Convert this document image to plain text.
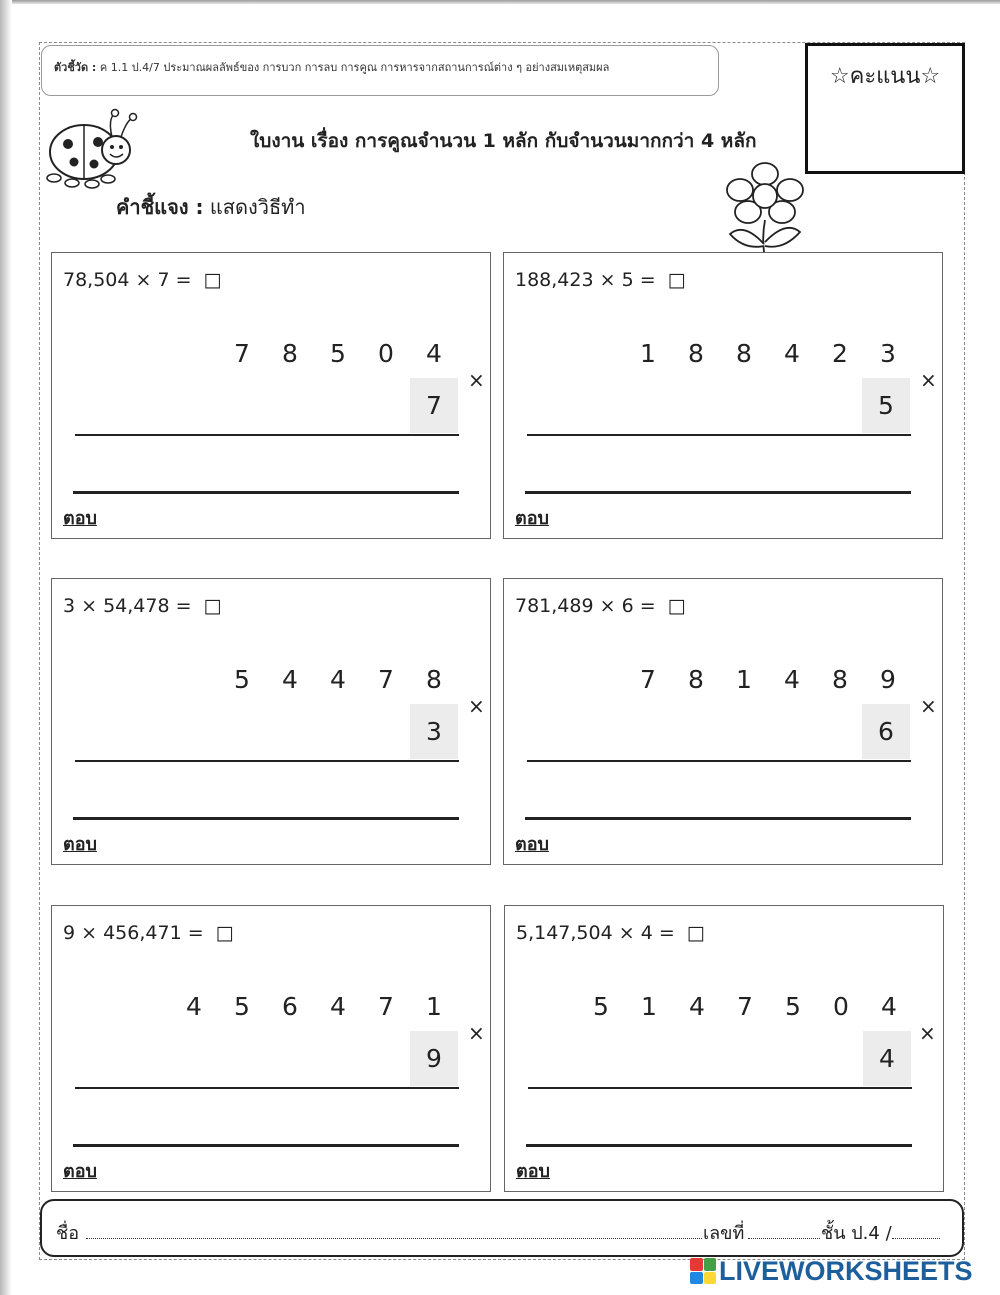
ตัวชี้วัด : ค 1.1 ป.4/7 ประมาณผลลัพธ์ของ การบวก การลบ การคูณ การหารจากสถานการณ์ต่าง ๆ อย่างสมเหตุสมผล	☆คะแนน☆
ใบงาน เรื่อง การคูณจำนวน 1 หลัก กับจำนวนมากกว่า 4 หลัก
คำชี้แจง : แสดงวิธีทำ
78,504 × 7 = □
7	8	5	0	4
7
×
ตอบ
188,423 × 5 = □
1	8	8	4	2	3
5
×
ตอบ
3 × 54,478 = □
5	4	4	7	8
3
×
ตอบ
781,489 × 6 = □
7	8	1	4	8	9
6
×
ตอบ
9 × 456,471 = □
4	5	6	4	7	1
9
×
ตอบ
5,147,504 × 4 = □
5	1	4	7	5	0	4
4
×
ตอบ
ชื่อ	เลขที่	ชั้น ป.4 /
LIVEWORKSHEETS
